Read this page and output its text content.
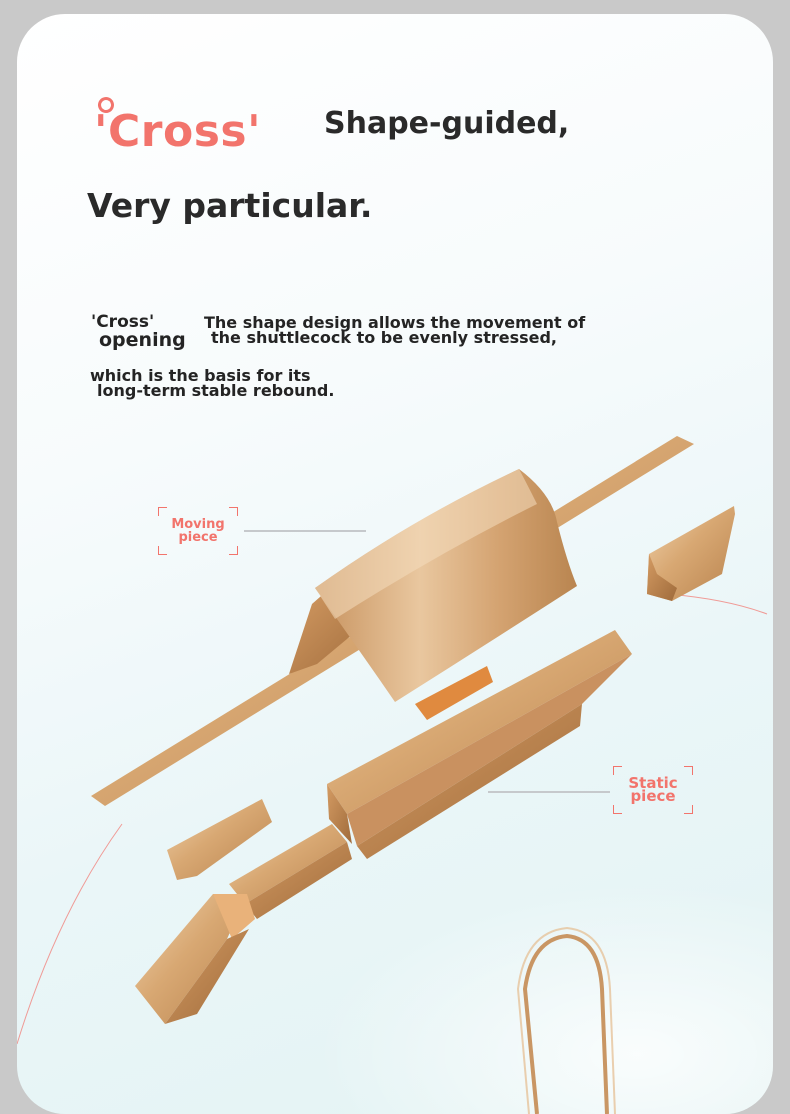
'Cross' Shape-guided,
Very particular.
'Cross'
opening
The shape design allows the movement of
the shuttlecock to be evenly stressed,
which is the basis for its
long-term stable rebound.
Moving
piece
Static
piece
